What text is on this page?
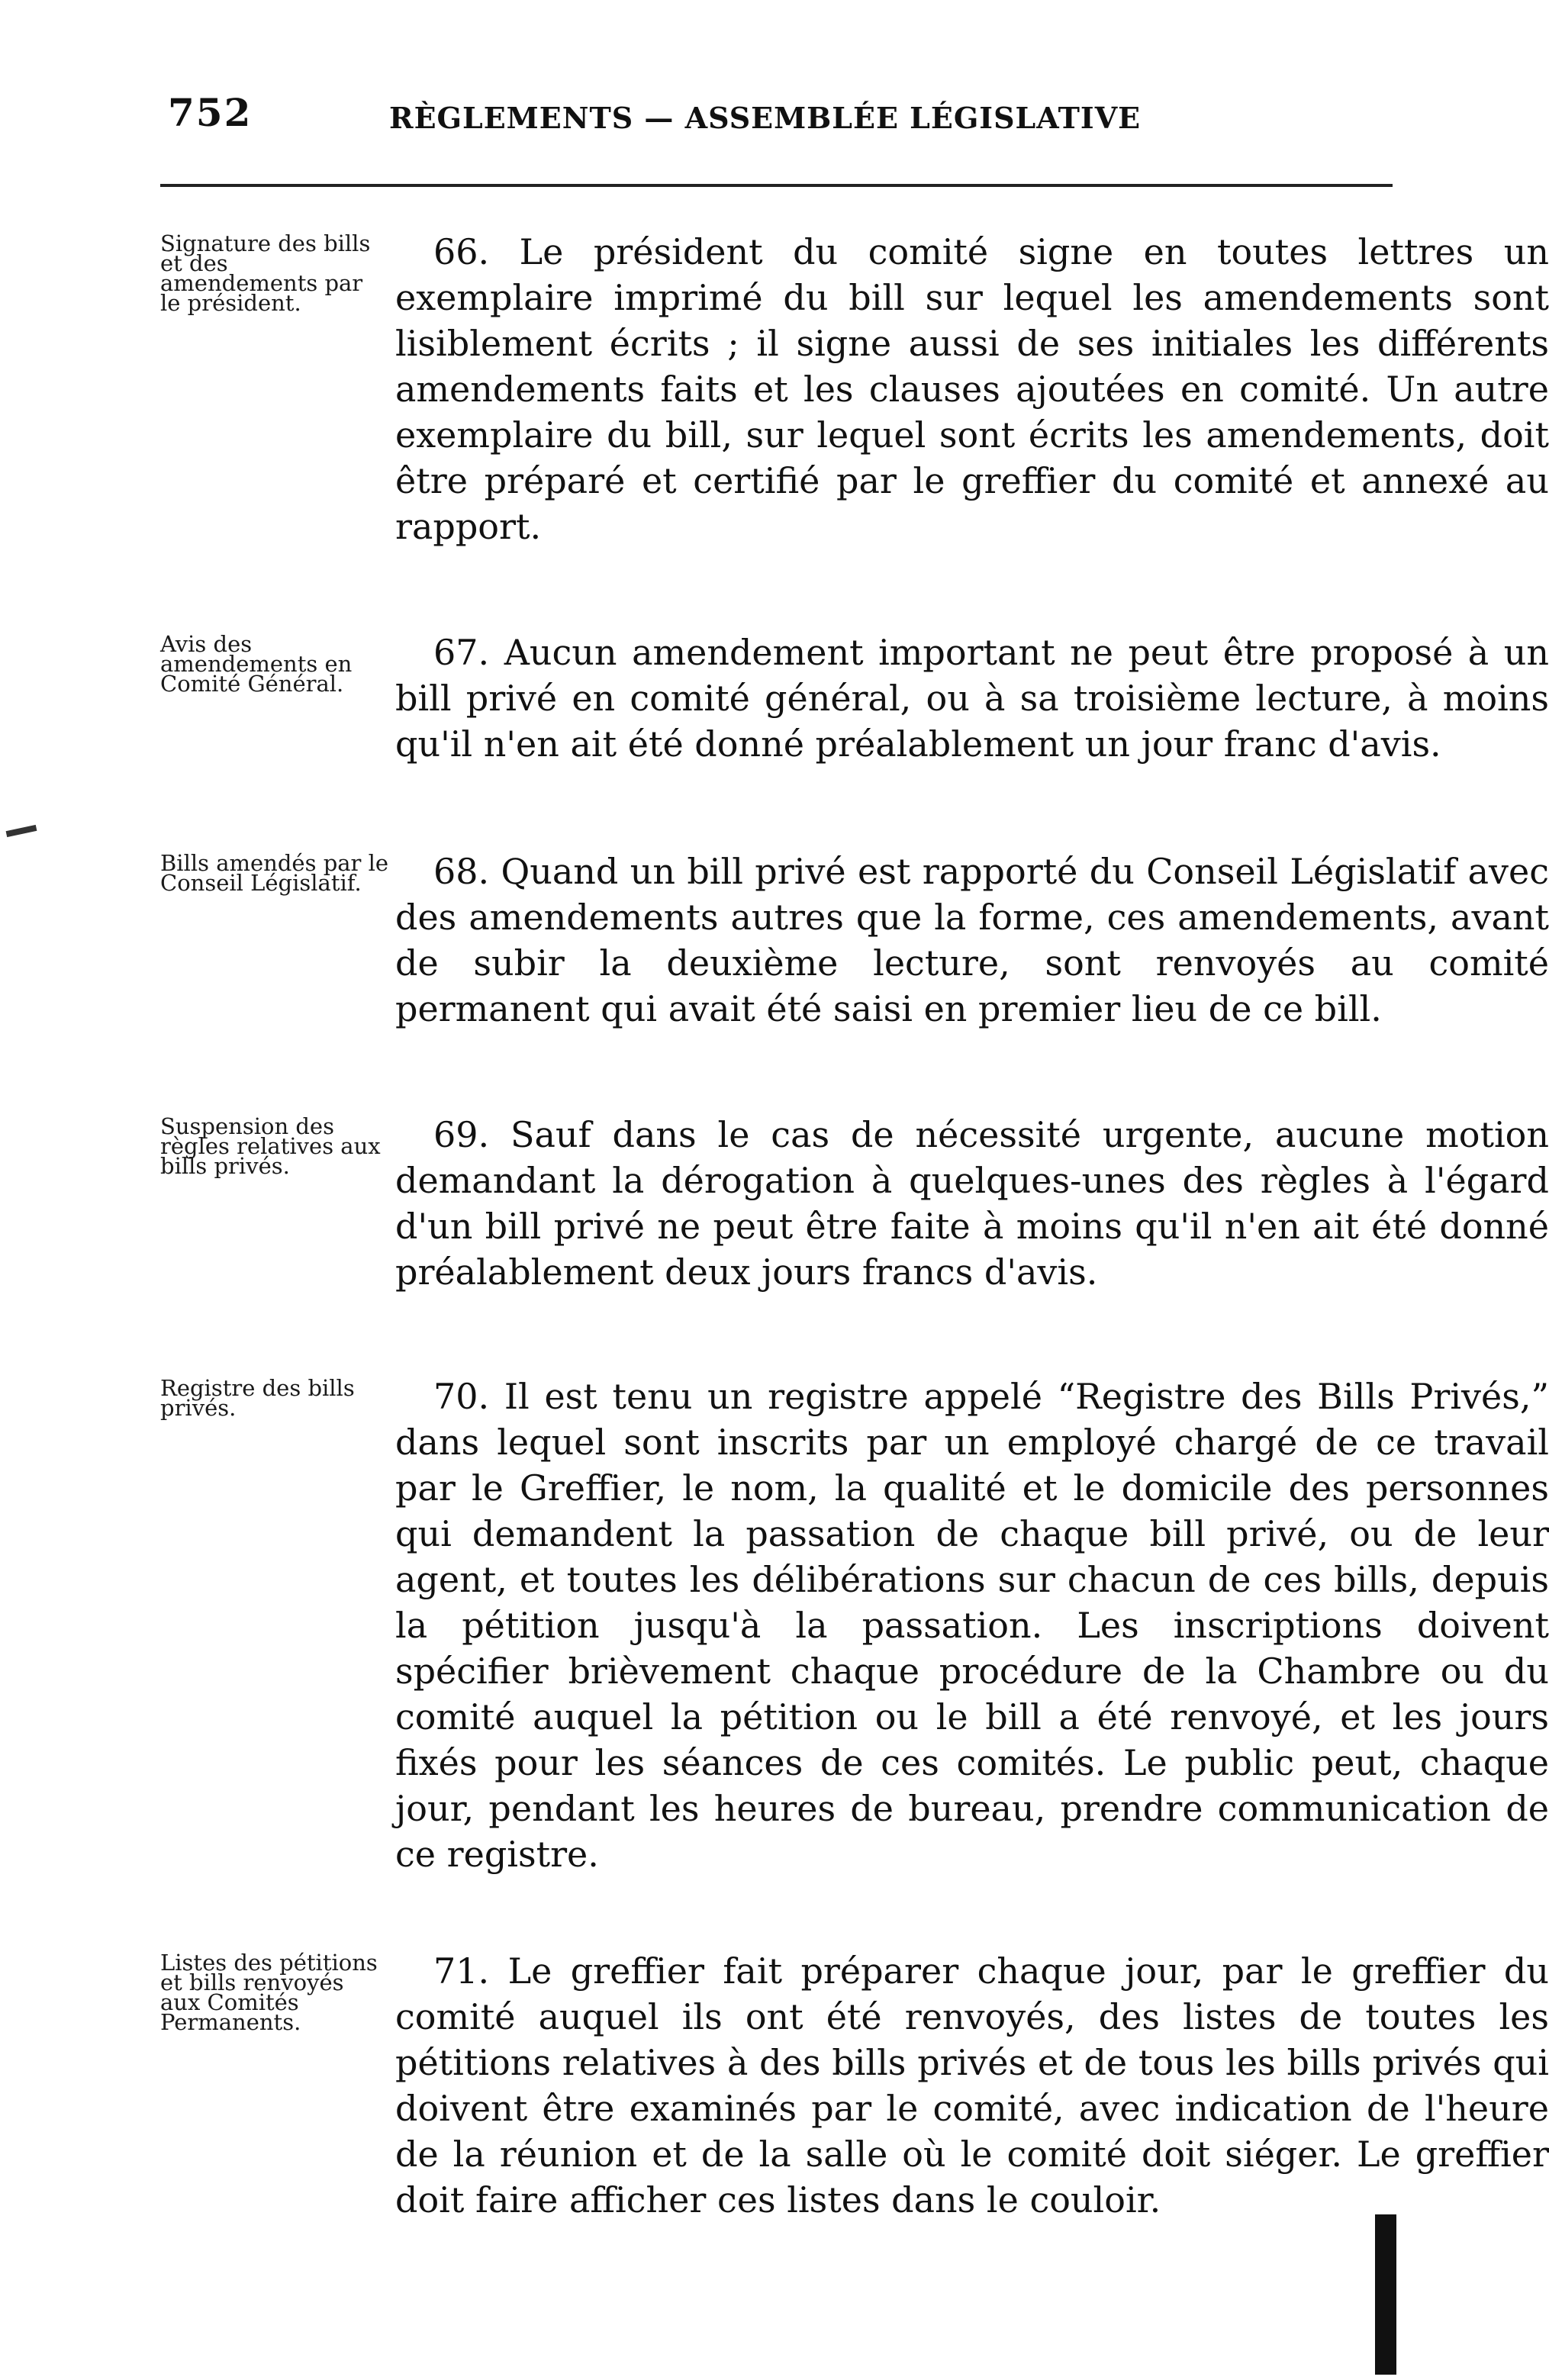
752	RÈGLEMENTS — ASSEMBLÉE LÉGISLATIVE
Signature des bills et des amendements par le président.

66. Le président du comité signe en toutes lettres un exemplaire imprimé du bill sur lequel les amendements sont lisiblement écrits ; il signe aussi de ses initiales les différents amendements faits et les clauses ajoutées en comité. Un autre exemplaire du bill, sur lequel sont écrits les amendements, doit être préparé et certifié par le greffier du comité et annexé au rapport.

Avis des amendements en Comité Général.

67. Aucun amendement important ne peut être proposé à un bill privé en comité général, ou à sa troisième lecture, à moins qu'il n'en ait été donné préalablement un jour franc d'avis.

Bills amendés par le Conseil Législatif.	68. Quand un bill privé est rapporté du Conseil Législatif avec des amendements autres que la forme, ces amendements, avant de subir la deuxième lecture, sont renvoyés au comité permanent qui avait été saisi en premier lieu de ce bill.

Suspension des règles relatives aux bills privés.

69. Sauf dans le cas de nécessité urgente, aucune motion demandant la dérogation à quelques-unes des règles à l'égard d'un bill privé ne peut être faite à moins qu'il n'en ait été donné préalablement deux jours francs d'avis.

Registre des bills privés.	70. Il est tenu un registre appelé “Registre des Bills Privés,” dans lequel sont inscrits par un employé chargé de ce travail par le Greffier, le nom, la qualité et le domicile des personnes qui demandent la passation de chaque bill privé, ou de leur agent, et toutes les délibérations sur chacun de ces bills, depuis la pétition jusqu'à la passation. Les inscriptions doivent spécifier brièvement chaque procédure de la Chambre ou du comité auquel la pétition ou le bill a été renvoyé, et les jours fixés pour les séances de ces comités. Le public peut, chaque jour, pendant les heures de bureau, prendre communication de ce registre.

Listes des pétitions et bills renvoyés aux Comités Permanents.

71. Le greffier fait préparer chaque jour, par le greffier du comité auquel ils ont été renvoyés, des listes de toutes les pétitions relatives à des bills privés et de tous les bills privés qui doivent être examinés par le comité, avec indication de l'heure de la réunion et de la salle où le comité doit siéger. Le greffier doit faire afficher ces listes dans le couloir.
